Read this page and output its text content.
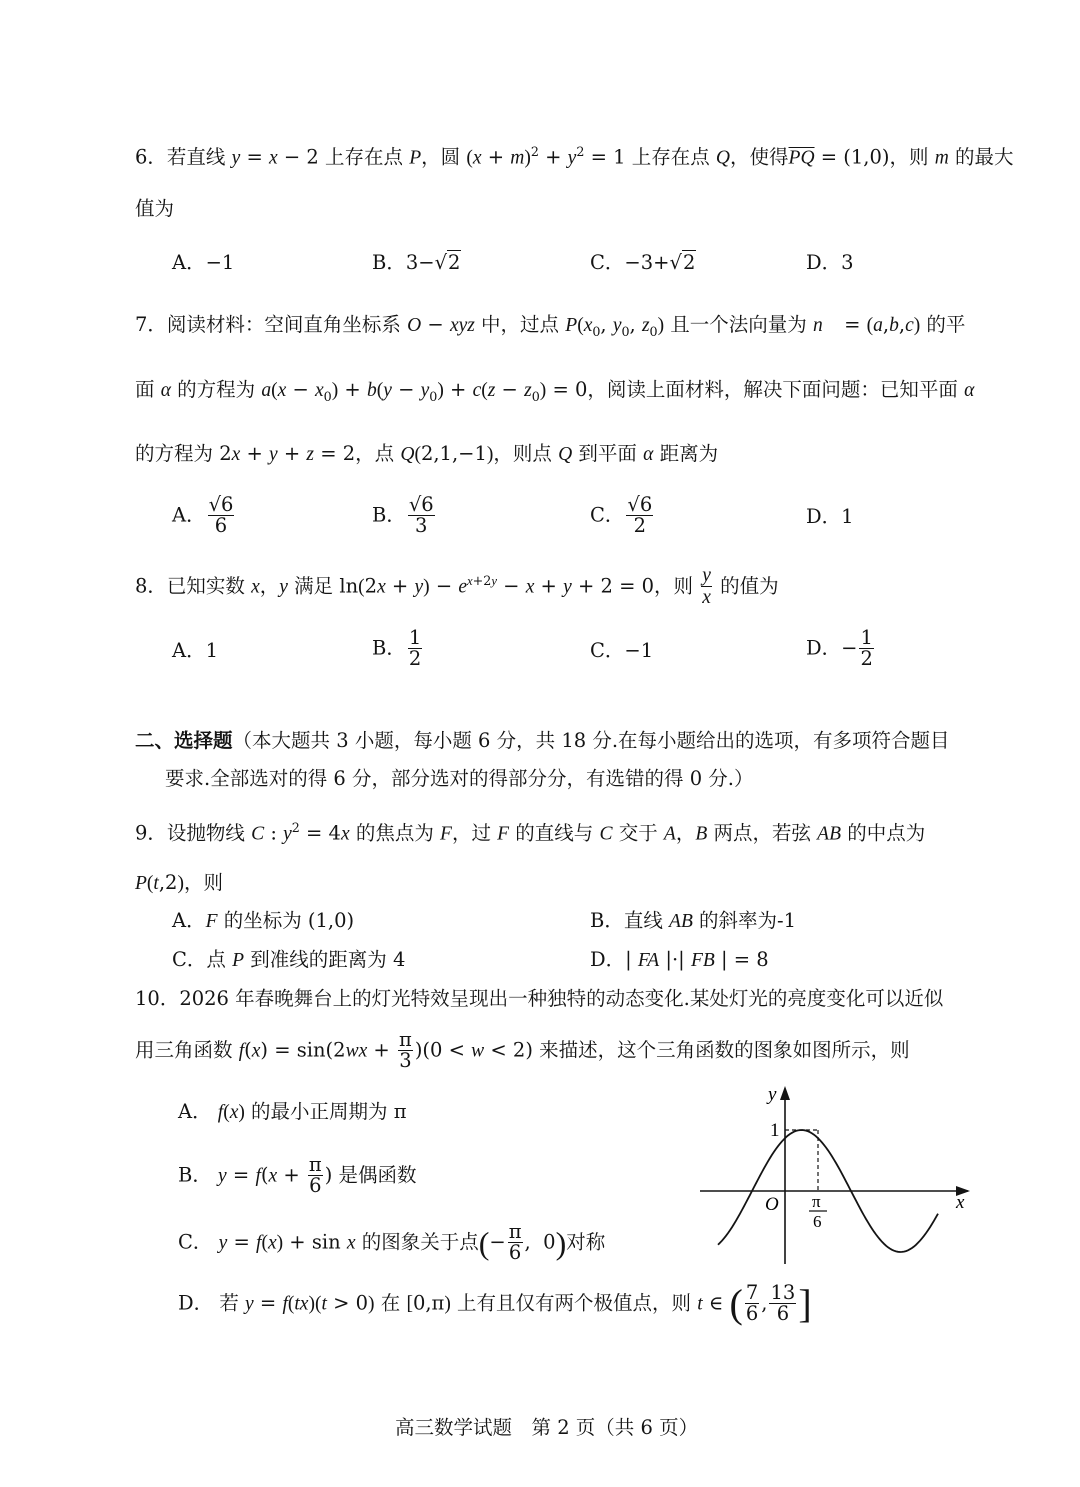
6．若直线 y = x − 2 上存在点 P，圆 $(x + m)^2 + y^2 = 1$ 上存在点 Q，使得$\overline{PQ} = (1,0)$，则 m 的最大
值为
A．−1	B．3−√2	C．−3+√2	D．3
7．阅读材料：空间直角坐标系 O − xyz 中，过点 $P(x_0$, $y_0$, $z_0$) 且一个法向量为 n⃗ = (a,b,c) 的平
面 α 的方程为 $a(x - x_0) + b(y - y_0) + c(z - z_0) = 0$，阅读上面材料，解决下面问题：已知平面 α
的方程为 2x + y + z = 2，点 Q(2,1,−1)，则点 Q 到平面 α 距离为
A． $\frac{√6}{6}$	B． $\frac{√6}{3}$	C． $\frac{√6}{2}$	D．1
8．已知实数 x，y 满足 $\ln(2x + y) - e^{x+2y} - x + y + 2 = 0$，则 $\frac{y}{x}$ 的值为
A．1	B． $\frac{1}{2}$	C．−1	D．− $\frac{1}{2}$
二、选择题（本大题共 3 小题，每小题 6 分，共 18 分.在每小题给出的选项，有多项符合题目
要求.全部选对的得 6 分，部分选对的得部分分，有选错的得 0 分.）
9．设抛物线 C : $y^2 = 4x$ 的焦点为 F，过 F 的直线与 C 交于 A，B 两点，若弦 AB 的中点为
P(t,2)，则
A．F 的坐标为 (1,0)	B．直线 AB 的斜率为-1
C．点 P 到准线的距离为 4	D．| FA |·| FB | = 8
10．2026 年春晚舞台上的灯光特效呈现出一种独特的动态变化.某处灯光的亮度变化可以近似
用三角函数 $f(x) = \sin(2wx + \frac{\pi}{3} )(0 < w < 2)$ 来描述，这个三角函数的图象如图所示，则
A． f(x) 的最小正周期为 π
B． $y = f(x + \frac{\pi}{6}$ ) 是偶函数
C． y = f(x) + sin x 的图象关于点(− $\frac{\pi}{6}$ ,  0)对称
D． 若 y = f(tx)(t > 0) 在 [0,π) 上有且仅有两个极值点，则 t ∈ ( $\frac{7}{6}$ , $\frac{13}{6}$ ]
y
x
O
1
π
6
高三数学试题　第 2 页（共 6 页）
